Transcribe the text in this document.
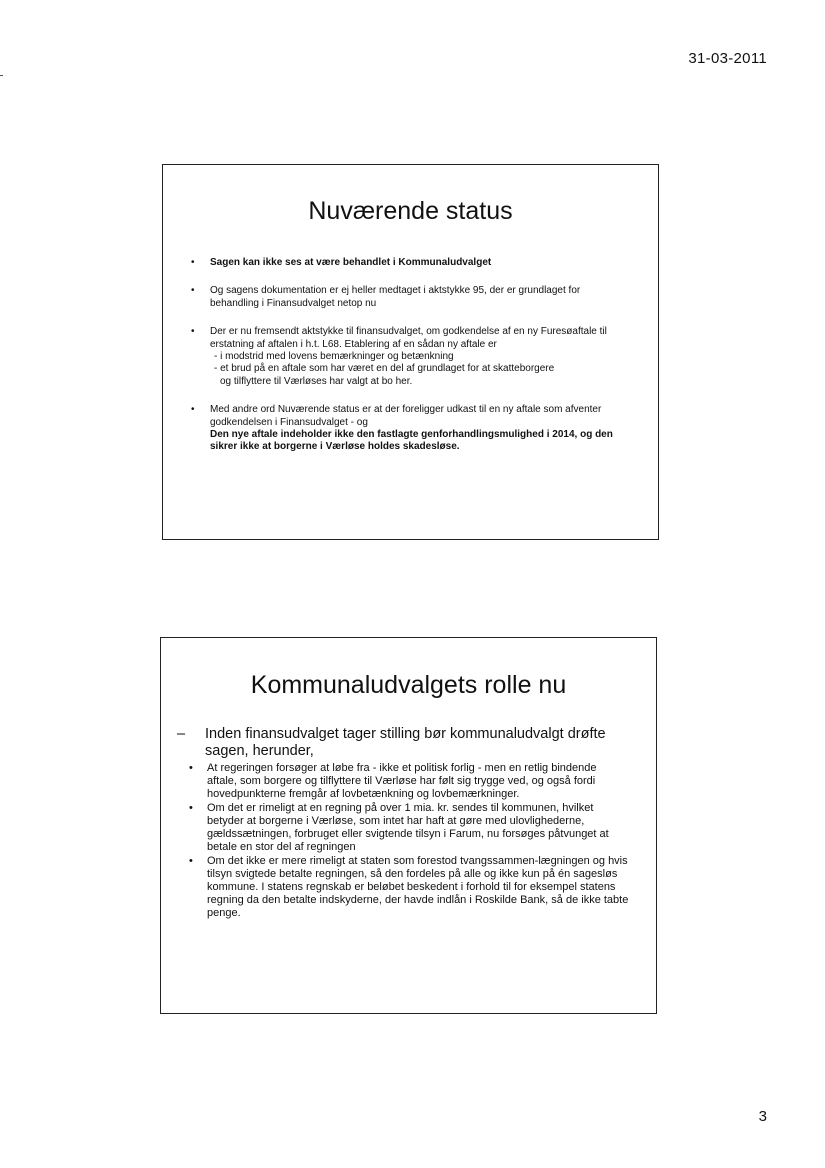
31-03-2011
Nuværende status
• Sagen kan ikke ses at være behandlet i Kommunaludvalget
• Og sagens dokumentation er ej heller medtaget i aktstykke 95, der er grundlaget for behandling i Finansudvalget netop nu
• Der er nu fremsendt aktstykke til finansudvalget, om godkendelse af en ny Furesøaftale til erstatning af aftalen i h.t. L68. Etablering af en sådan ny aftale er
- i modstrid med lovens bemærkninger og betænkning
- et brud på en aftale som har været en del af grundlaget for at skatteborgere
og tilflyttere til Værløses har valgt at bo her.
• Med andre ord Nuværende status er at der foreligger udkast til en ny aftale som afventer godkendelsen i Finansudvalget - og
Den nye aftale indeholder ikke den fastlagte genforhandlingsmulighed i 2014, og den sikrer ikke at borgerne i Værløse holdes skadesløse.
Kommunaludvalgets rolle nu
–	Inden finansudvalget tager stilling bør kommunaludvalgt drøfte sagen, herunder,
• At regeringen forsøger at løbe fra - ikke et politisk forlig - men en retlig bindende aftale, som borgere og tilflyttere til Værløse har følt sig trygge ved, og også fordi hovedpunkterne fremgår af lovbetænkning og lovbemærkninger.
• Om det er rimeligt at en regning på over 1 mia. kr. sendes til kommunen, hvilket betyder at borgerne i Værløse, som intet har haft at gøre med ulovlighederne, gældssætningen, forbruget eller svigtende tilsyn i Farum, nu forsøges påtvunget at betale en stor del af regningen
• Om det ikke er mere rimeligt at staten som forestod tvangssammen-lægningen og hvis tilsyn svigtede betalte regningen, så den fordeles på alle og ikke kun på én sagesløs kommune. I statens regnskab er beløbet beskedent i forhold til for eksempel statens regning da den betalte indskyderne, der havde indlån i Roskilde Bank, så de ikke tabte penge.
3
